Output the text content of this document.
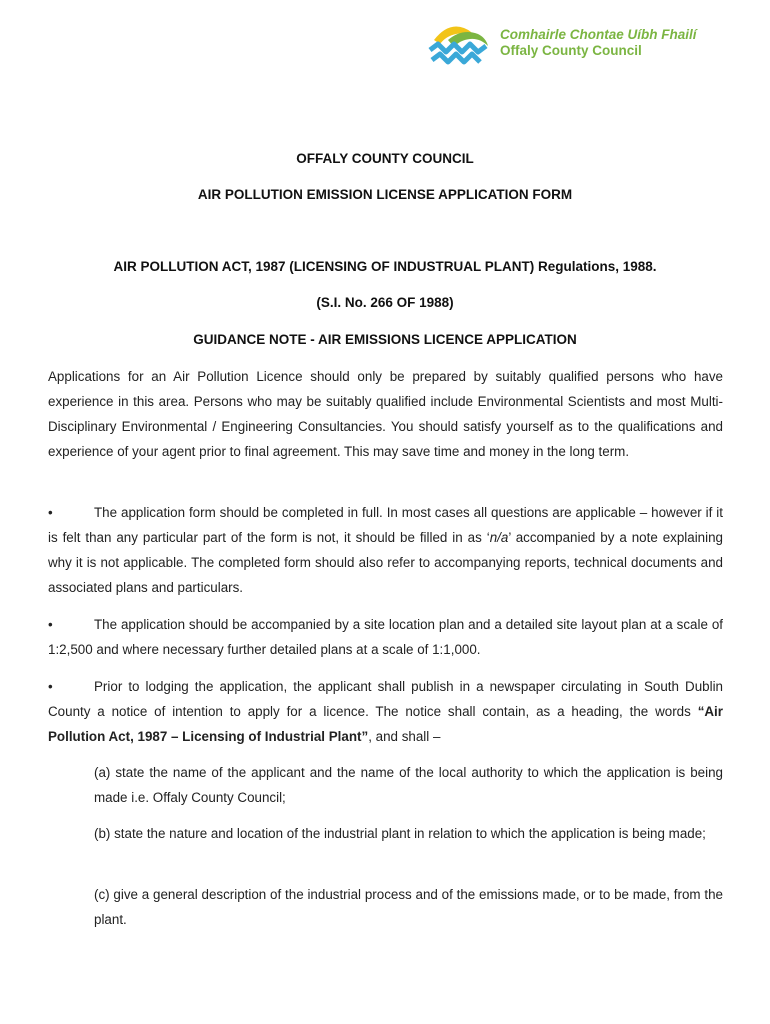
Comhairle Chontae Uíbh Fhailí
Offaly County Council
OFFALY COUNTY COUNCIL
AIR POLLUTION EMISSION LICENSE APPLICATION FORM
AIR POLLUTION ACT, 1987 (LICENSING OF INDUSTRUAL PLANT) Regulations, 1988.
(S.I. No. 266 OF 1988)
GUIDANCE NOTE - AIR EMISSIONS LICENCE APPLICATION
Applications for an Air Pollution Licence should only be prepared by suitably qualified persons who have experience in this area. Persons who may be suitably qualified include Environmental Scientists and most Multi-Disciplinary Environmental / Engineering Consultancies. You should satisfy yourself as to the qualifications and experience of your agent prior to final agreement. This may save time and money in the long term.
•	The application form should be completed in full. In most cases all questions are applicable – however if it is felt than any particular part of the form is not, it should be filled in as ‘n/a’ accompanied by a note explaining why it is not applicable. The completed form should also refer to accompanying reports, technical documents and associated plans and particulars.
•	The application should be accompanied by a site location plan and a detailed site layout plan at a scale of 1:2,500 and where necessary further detailed plans at a scale of 1:1,000.
•	Prior to lodging the application, the applicant shall publish in a newspaper circulating in South Dublin County a notice of intention to apply for a licence. The notice shall contain, as a heading, the words “Air Pollution Act, 1987 – Licensing of Industrial Plant”, and shall –
(a) state the name of the applicant and the name of the local authority to which the application is being made i.e. Offaly County Council;
(b) state the nature and location of the industrial plant in relation to which the application is being made;
(c) give a general description of the industrial process and of the emissions made, or to be made, from the plant.
